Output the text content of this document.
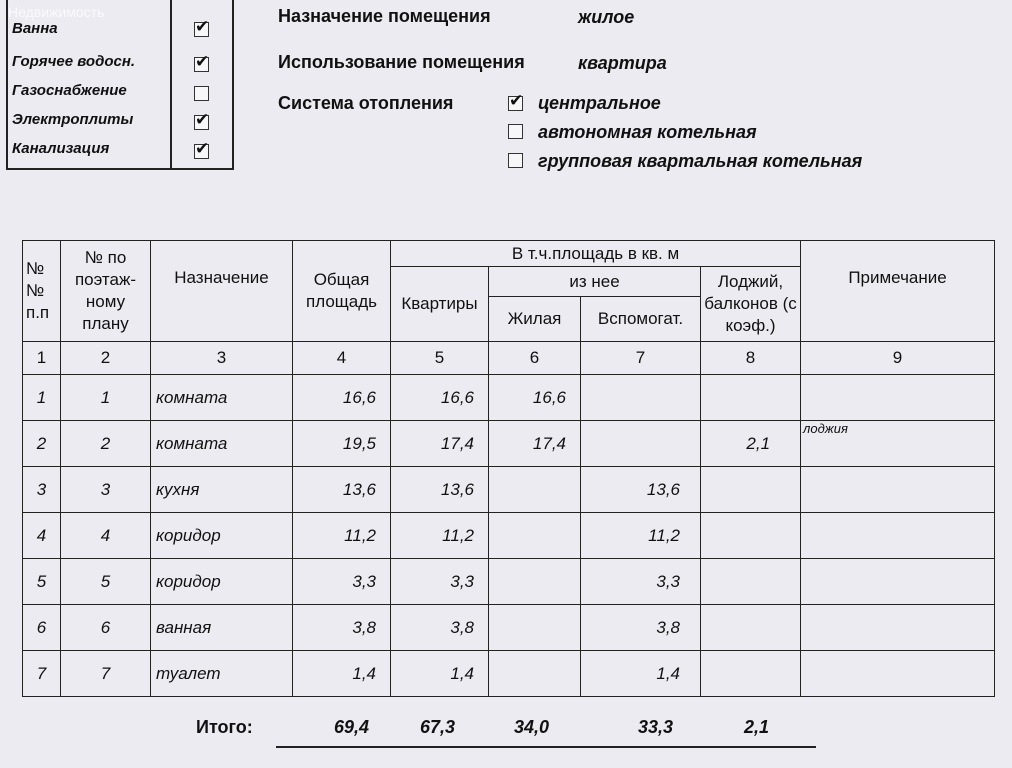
Недвижимость
Ванна	✔
Горячее водосн.	✔
Газоснабжение
Электроплиты	✔
Канализация	✔
Назначение помещения	жилое
Использование помещения	квартира
Система отопления	✔ центральное
автономная котельная
групповая квартальная котельная
№ № п.п	№ по поэтаж- ному плану	Назначение	Общая площадь	В т.ч.площадь в кв. м				Примечание
				Квартиры	из нее		Лоджий, балконов (с коэф.)	
					Жилая	Вспомогат.		
1	2	3	4	5	6	7	8	9
1	1	комната	16,6	16,6	16,6			
2	2	комната	19,5	17,4	17,4		2,1	лоджия
3	3	кухня	13,6	13,6		13,6		
4	4	коридор	11,2	11,2		11,2		
5	5	коридор	3,3	3,3		3,3		
6	6	ванная	3,8	3,8		3,8		
7	7	туалет	1,4	1,4		1,4		
Итого:	69,4	67,3	34,0	33,3	2,1
